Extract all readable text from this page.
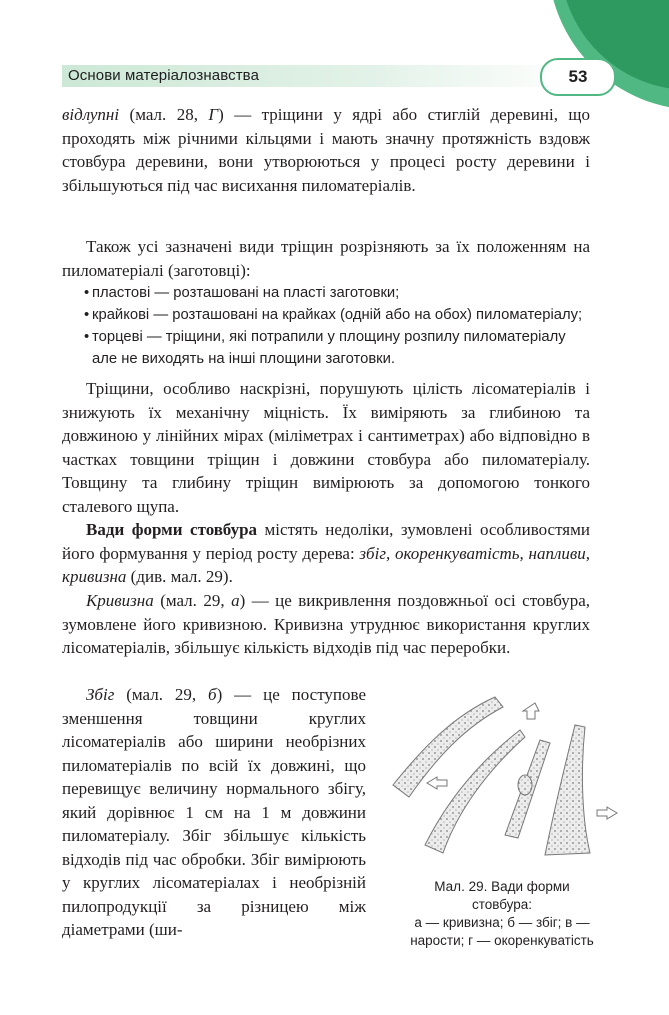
Основи матеріалознавства	53
відлупні (мал. 28, Г) — тріщини у ядрі або стиглій деревині, що проходять між річними кільцями і мають значну протяжність вздовж стовбура деревини, вони утворюються у процесі росту деревини і збільшуються під час висихання пиломатеріалів.
Також усі зазначені види тріщин розрізняють за їх положенням на пиломатеріалі (заготовці):
• пластові — розташовані на пласті заготовки;
• крайкові — розташовані на крайках (одній або на обох) пиломатеріалу;
• торцеві — тріщини, які потрапили у площину розпилу пиломатеріалу але не виходять на інші площини заготовки.
Тріщини, особливо наскрізні, порушують цілість лісоматеріалів і знижують їх механічну міцність. Їх виміряють за глибиною та довжиною у лінійних мірах (міліметрах і сантиметрах) або відповідно в частках товщини тріщин і довжини стовбура або пиломатеріалу. Товщину та глибину тріщин вимірюють за допомогою тонкого сталевого щупа.
Вади форми стовбура містять недоліки, зумовлені особливостями його формування у період росту дерева: збіг, окоренкуватість, напливи, кривизна (див. мал. 29).
Кривизна (мал. 29, а) — це викривлення поздовжньої осі стовбура, зумовлене його кривизною. Кривизна утруднює використання круглих лісоматеріалів, збільшує кількість відходів під час переробки.
Збіг (мал. 29, б) — це поступове зменшення товщини круглих лісоматеріалів або ширини необрізних пиломатеріалів по всій їх довжині, що перевищує величину нормального збігу, який дорівнює 1 см на 1 м довжини пиломатеріалу. Збіг збільшує кількість відходів під час обробки. Збіг вимірюють у круглих лісоматеріалах і необрізній пилопродукції за різницею між діаметрами (ши-
Мал. 29. Вади форми
стовбура:
а — кривизна; б — збіг; в —
нарости; г — окоренкуватість
